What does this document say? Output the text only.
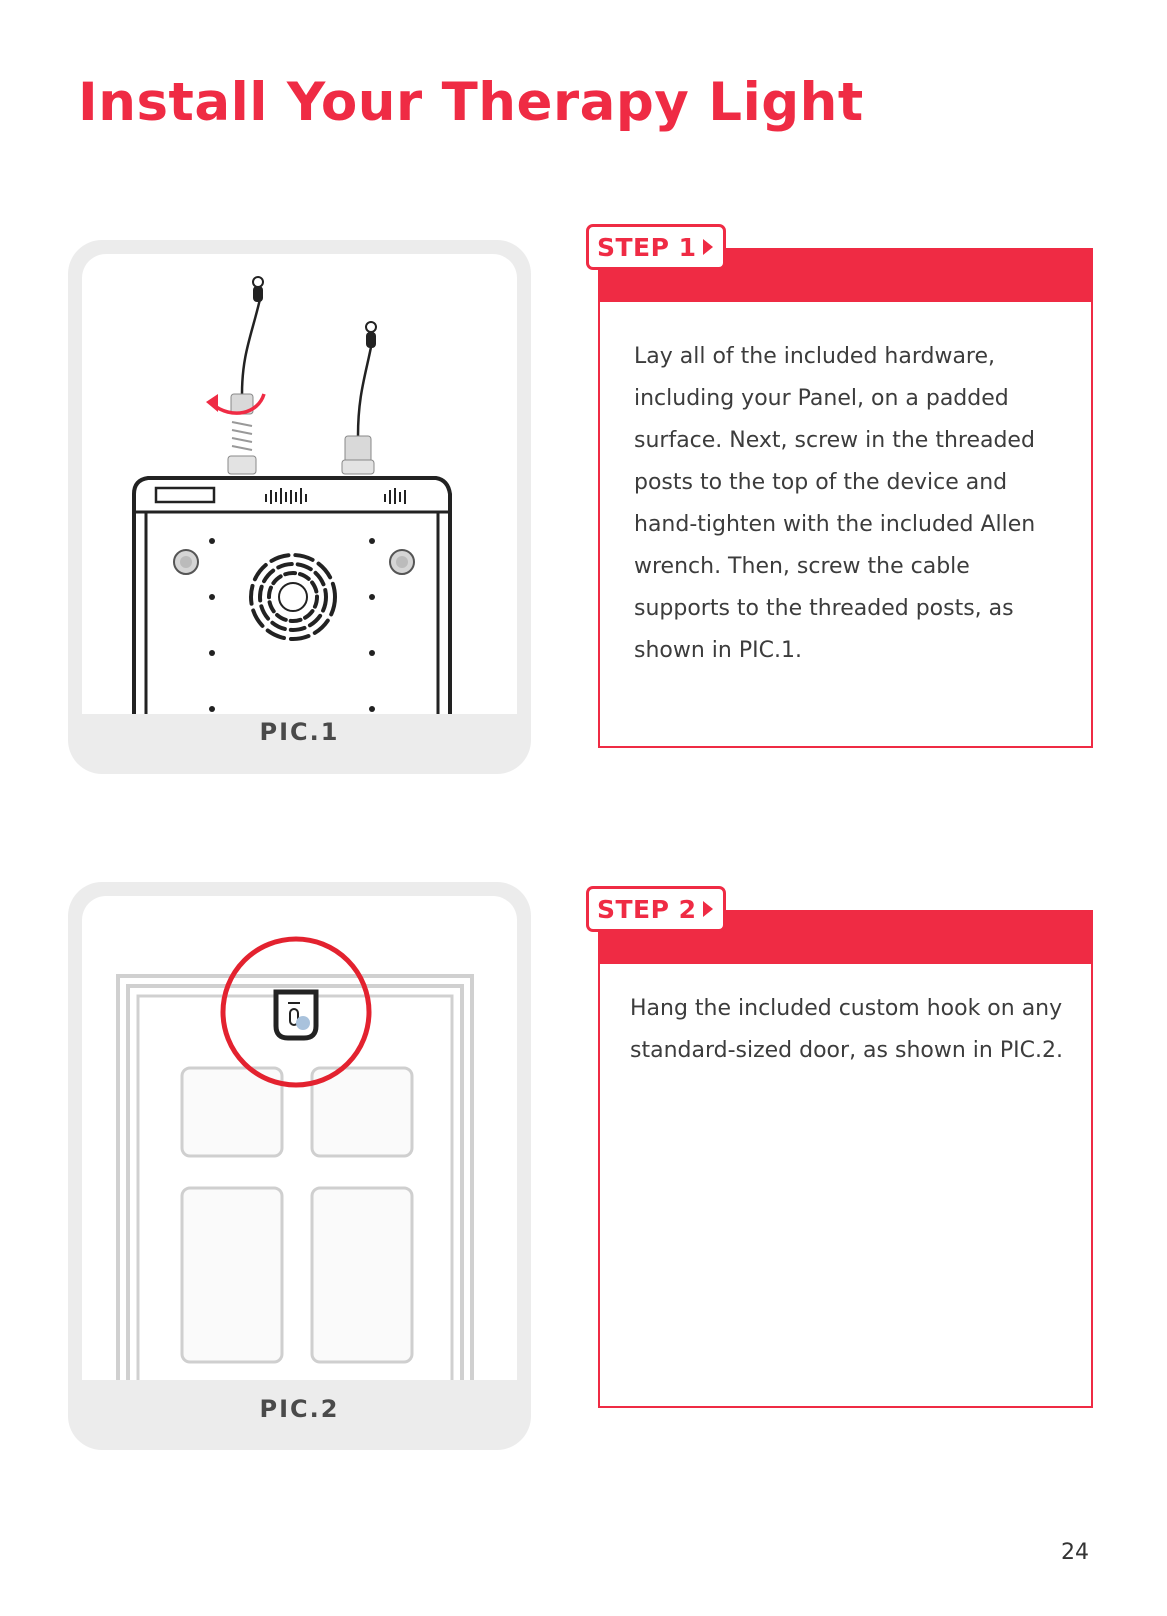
Install Your Therapy Light
PIC.1
STEP 1

Lay all of the included hardware, including your Panel, on a padded surface. Next, screw in the threaded posts to the top of the device and hand-tighten with the included Allen wrench. Then, screw the cable supports to the threaded posts, as shown in PIC.1.

PIC.2
STEP 2

Hang the included custom hook on any standard-sized door, as shown in PIC.2.

24
